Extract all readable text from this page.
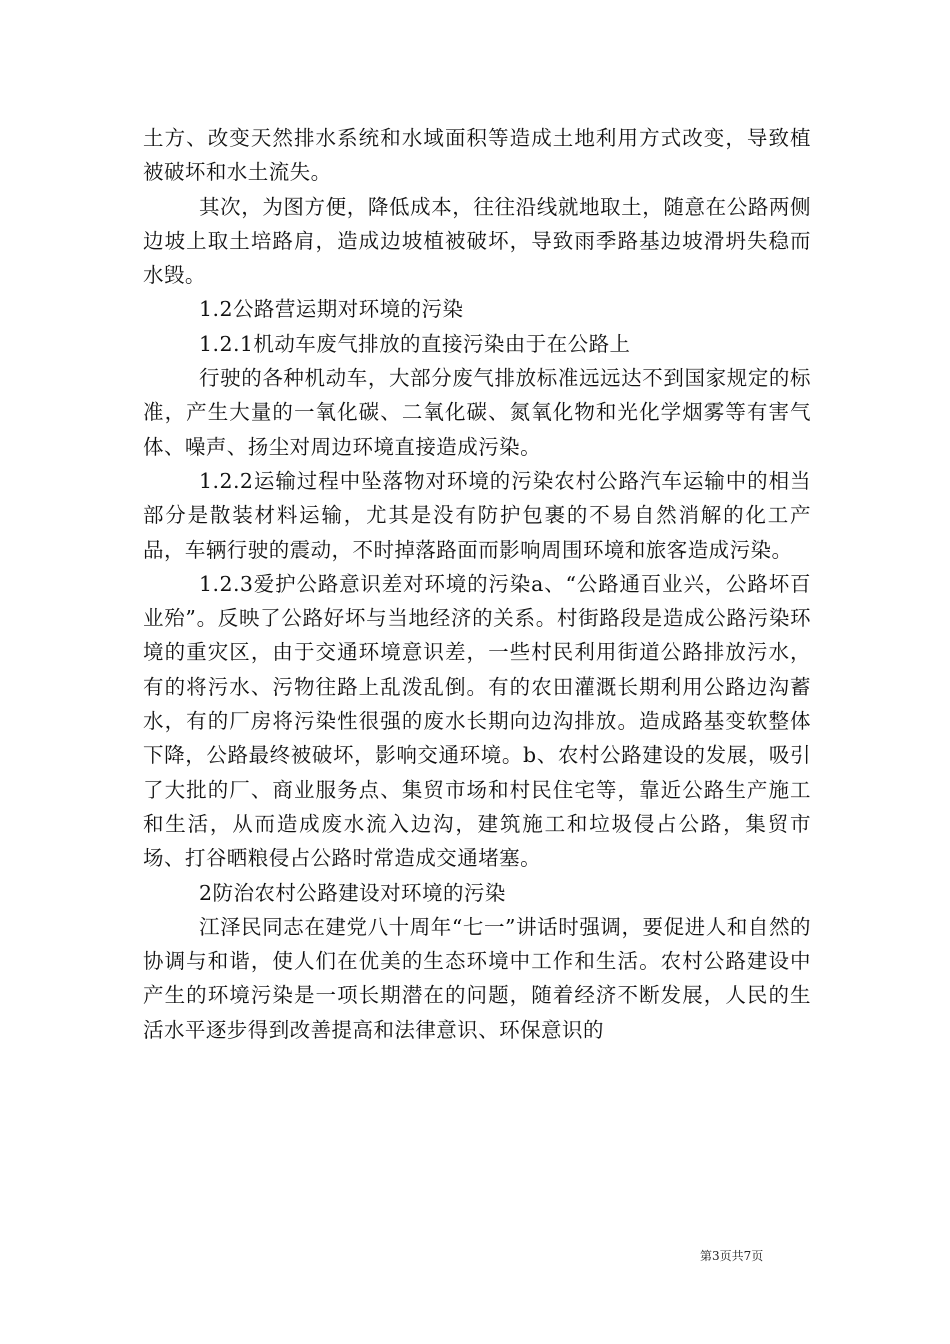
土方、改变天然排水系统和水域面积等造成土地利用方式改变，导致植被破坏和水土流失。

其次，为图方便，降低成本，往往沿线就地取土，随意在公路两侧边坡上取土培路肩，造成边坡植被破坏，导致雨季路基边坡滑坍失稳而水毁。

1.2公路营运期对环境的污染

1.2.1机动车废气排放的直接污染由于在公路上

行驶的各种机动车，大部分废气排放标准远远达不到国家规定的标准，产生大量的一氧化碳、二氧化碳、氮氧化物和光化学烟雾等有害气体、噪声、扬尘对周边环境直接造成污染。

1.2.2运输过程中坠落物对环境的污染农村公路汽车运输中的相当部分是散装材料运输，尤其是没有防护包裹的不易自然消解的化工产品，车辆行驶的震动，不时掉落路面而影响周围环境和旅客造成污染。

1.2.3爱护公路意识差对环境的污染a、“公路通百业兴，公路坏百业殆”。反映了公路好坏与当地经济的关系。村街路段是造成公路污染环境的重灾区，由于交通环境意识差，一些村民利用街道公路排放污水，有的将污水、污物往路上乱泼乱倒。有的农田灌溉长期利用公路边沟蓄水，有的厂房将污染性很强的废水长期向边沟排放。造成路基变软整体下降，公路最终被破坏，影响交通环境。b、农村公路建设的发展，吸引了大批的厂、商业服务点、集贸市场和村民住宅等，靠近公路生产施工和生活，从而造成废水流入边沟，建筑施工和垃圾侵占公路，集贸市场、打谷晒粮侵占公路时常造成交通堵塞。

2防治农村公路建设对环境的污染

江泽民同志在建党八十周年“七一”讲话时强调，要促进人和自然的协调与和谐，使人们在优美的生态环境中工作和生活。农村公路建设中产生的环境污染是一项长期潜在的问题，随着经济不断发展，人民的生活水平逐步得到改善提高和法律意识、环保意识的

第3页共7页
